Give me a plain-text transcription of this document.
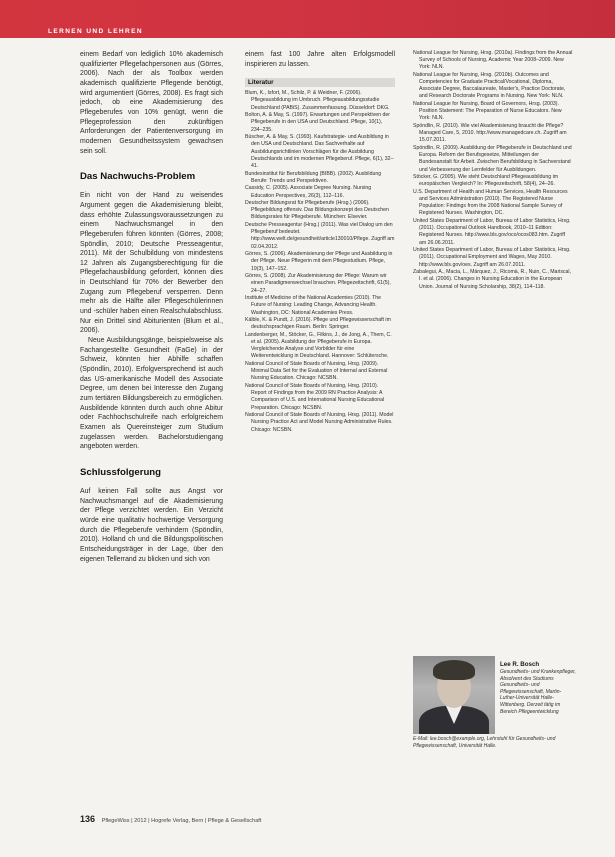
LERNEN UND LEHREN

einem Bedarf von lediglich 10% akademisch qualifizierter Pflegefachpersonen aus (Görres, 2006). Nach der als Toolbox werden akademisch qualifizierte Pflegende benötigt, wird argumentiert (Görres, 2008). Es fragt sich jedoch, ob eine Akademisierung des Pflegeberufes von 10% genügt, wenn die Pflegeprofession den zukünftigen Anforderungen der Patientenversorgung im modernen Gesundheitssystem gewachsen sein soll.

Das Nachwuchs-Problem

Ein nicht von der Hand zu weisendes Argument gegen die Akademisierung bleibt, dass erhöhte Zulassungsvoraussetzungen zu einem Nachwuchsmangel in den Pflegeberufen führen könnten (Görres, 2008; Spöndlin, 2010; Deutsche Presseagentur, 2011). Mit der Schulbildung von mindestens 12 Jahren als Zugangsberechtigung für die Pflegefachausbildung gefordert, können dies in Deutschland für 70% der Bewerber den Zugang zum Pflegeberuf versperren. Denn mehr als die Hälfte aller Pflegeschülerinnen und -schüler haben einen Realschulabschluss. Nur ein Drittel sind Abiturienten (Blum et al., 2006).

Neue Ausbildungsgänge, beispielsweise als Fachangestellte Gesundheit (FaGe) in der Schweiz, könnten hier Abhilfe schaffen (Spöndlin, 2010). Erfolgversprechend ist auch das US-amerikanische Modell des Associate Degree, um denen bei Interesse den Zugang zum tertiären Bildungsbereich zu ermöglichen. Ausbildende könnten durch auch ohne Abitur oder Fachhochschulreife nach erfolgreichem Examen als Quereinsteiger zum Studium zugelassen werden. Bachelorstudiengang angeboten werden.

Schlussfolgerung

Auf keinen Fall sollte aus Angst vor Nachwuchsmangel auf die Akademisierung der Pflege verzichtet werden. Ein Verzicht würde eine qualitativ hochwertige Versorgung durch die Pflegeberufe verhindern (Spöndlin, 2010). Holland ch und die Bildungspolitischen Entscheidungsträger in der Lage, über den eigenen Tellerrand zu blicken und sich von

einem fast 100 Jahre alten Erfolgsmodell inspirieren zu lassen.

Literatur

Blum, K., Isfort, M., Schilz, P. & Weidner, F. (2006). Pflegeausbildung im Umbruch. Pflegeausbildungsstudie Deutschland (PABiS). Zusammenfassung. Düsseldorf: DKG.

Bolton, A. & May, S. (1997). Erwartungen und Perspektiven der Pflegeberufe in den USA und Deutschland. Pflege, 10(1), 234–235.

Büscher, A. & May, S. (1993). Kaufstrategie- und Ausbildung in den USA und Deutschland. Das Sachverhalte auf Ausbildungsrichtlinien Vorschlägen für die Ausbildung Deutschlands und im modernen Pflegeberuf. Pflege, 6(1), 32–41.

Bundesinstitut für Berufsbildung (BIBB). (2002). Ausbildung Berufe: Trends und Perspektiven.

Cassidy, C. (2005). Associate Degree Nursing. Nursing Education Perspectives, 26(3), 112–116.

Deutscher Bildungsrat für Pflegeberufe (Hrsg.) (2006). Pflegebildung offensiv. Das Bildungskonzept des Deutschen Bildungsrates für Pflegeberufe. München: Elsevier.

Deutsche Presseagentur (Hrsg.) (2011). Was viel Dialog um den Pflegeberuf bedeutet. http://www.welt.de/gesundheit/article130010/Pflege. Zugriff am 02.04.2012.

Görres, S. (2006). Akademisierung der Pflege und Ausbildung in der Pflege. Neue Pflegerin mit dem Pflegestudium. Pflege, 19(3), 147–152.

Görres, S. (2008). Zur Akademisierung der Pflege: Warum wir einen Paradigmenwechsel brauchen. Pflegezeitschrift, 61(5), 24–27.

Institute of Medicine of the National Academies (2010). The Future of Nursing: Leading Change, Advancing Health. Washington, DC: National Academies Press.

Kälble, K. & Pundt, J. (2016). Pflege und Pflegewissenschaft im deutschsprachigen Raum. Berlin: Springer.

Landenberger, M., Stöcker, G., Filkins, J., de Jong, A., Them, C. et al. (2005). Ausbildung der Pflegeberufe in Europa. Vergleichende Analyse und Vorbilder für eine Weiterentwicklung in Deutschland. Hannover: Schlütersche.

National Council of State Boards of Nursing, Hrsg. (2009). Minimal Data Set for the Evaluation of Internal and External Nursing Education. Chicago: NCSBN.

National Council of State Boards of Nursing, Hrsg. (2010). Report of Findings from the 2009 RN Practice Analysis: A Comparison of U.S. and International Nursing Educational Preparation. Chicago: NCSBN.

National Council of State Boards of Nursing, Hrsg. (2011). Model Nursing Practice Act and Model Nursing Administrative Rules. Chicago: NCSBN.

National League for Nursing, Hrsg. (2010a). Findings from the Annual Survey of Schools of Nursing, Academic Year 2008–2009. New York: NLN.

National League for Nursing, Hrsg. (2010b). Outcomes and Competencies for Graduate Practical/Vocational, Diploma, Associate Degree, Baccalaureate, Master's, Practice Doctorate, and Research Doctorate Programs in Nursing. New York: NLN.

National League for Nursing, Board of Governors, Hrsg. (2003). Position Statement: The Preparation of Nurse Educators. New York: NLN.

Spöndlin, R. (2010). Wie viel Akademisierung braucht die Pflege? Managed Care, 5, 2010. http://www.managedcare.ch. Zugriff am 15.07.2011.

Spöndlin, R. (2009). Ausbildung der Pflegeberufe in Deutschland und Europa. Reform der Berufsgesetze, Mitteilungen der Bundesanstalt für Arbeit. Zwischen Berufsbildung in Sachverstand und Verbesserung der Lernfelder für Ausbildungen.

Stöcker, G. (2005). Wie steht Deutschland Pflegeausbildung im europäischen Vergleich? In: Pflegezeitschrift, 58(4), 24–26.

U.S. Department of Health and Human Services, Health Resources and Services Administration (2010). The Registered Nurse Population: Findings from the 2008 National Sample Survey of Registered Nurses. Washington, DC.

United States Department of Labor, Bureau of Labor Statistics, Hrsg. (2011). Occupational Outlook Handbook, 2010–11 Edition: Registered Nurses. http://www.bls.gov/oco/ocos083.htm. Zugriff am 26.06.2011.

United States Department of Labor, Bureau of Labor Statistics, Hrsg. (2011). Occupational Employment and Wages, May 2010. http://www.bls.gov/oes. Zugriff am 26.07.2011.

Zabalegui, A., Macia, L., Márquez, J., Ricomà, R., Nuin, C., Mariscal, I. et al. (2006). Changes in Nursing Education in the European Union. Journal of Nursing Scholarship, 38(2), 114–118.

Lee R. Bosch
Gesundheits- und Krankenpfleger, Absolvent des Studiums Gesundheits- und Pflegewissenschaft, Martin-Luther-Universität Halle-Wittenberg. Derzeit tätig im Bereich Pflegeentwicklung
E-Mail: lee.bosch@example.org, Lehrstuhl für Gesundheits- und Pflegewissenschaft, Universität Halle.
136 PflegeWiss | 2012 | Hogrefe Verlag, Bern | Pflege & Gesellschaft
